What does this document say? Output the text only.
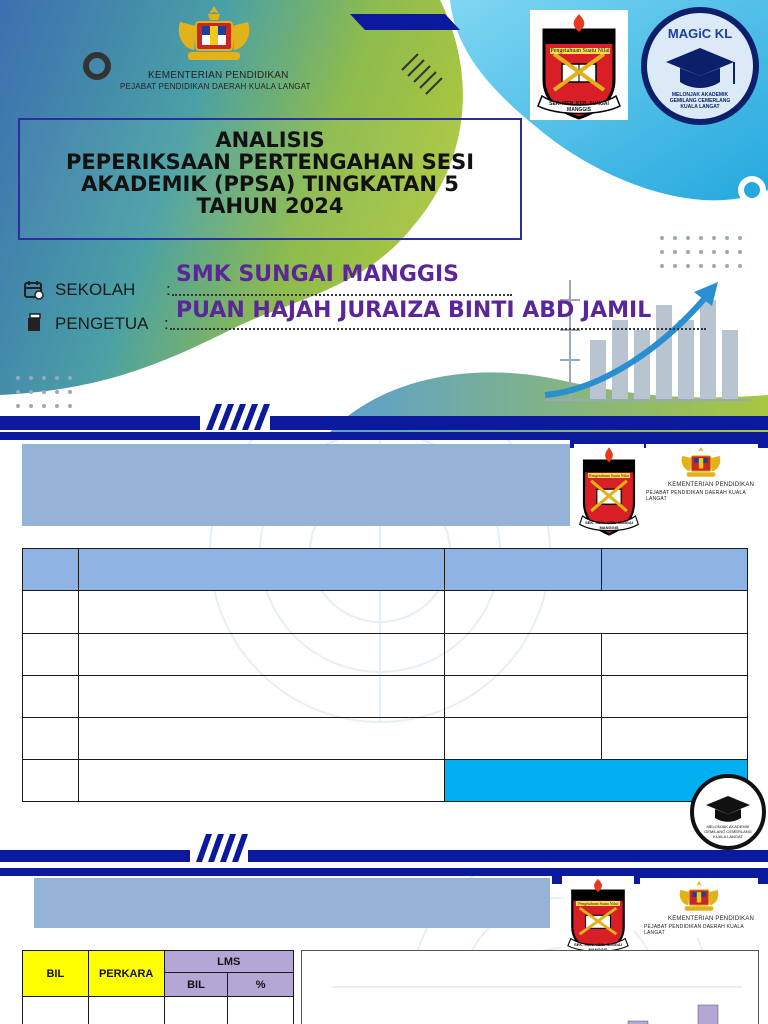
KEMENTERIAN PENDIDIKAN
PEJABAT PENDIDIKAN DAERAH KUALA LANGAT
Pengetahuan Suatu Nilai
SEK. MEN. KEB. SUNGAI MANGGIS
MAGiC KL
MELONJAK AKADEMIK GEMILANG CEMERLANG KUALA LANGAT
ANALISIS
PEPERIKSAAN PERTENGAHAN SESI
AKADEMIK (PPSA) TINGKATAN 5
TAHUN 2024
SEKOLAH :
SMK SUNGAI MANGGIS
PENGETUA :
PUAN HAJAH JURAIZA BINTI ABD JAMIL
Pengetahuan Suatu Nilai
SEK. MEN. KEB. SUNGAI MANGGIS
KEMENTERIAN PENDIDIKAN
PEJABAT PENDIDIKAN DAERAH KUALA LANGAT

MELONJAK AKADEMIK GEMILANG CEMERLANG KUALA LANGAT
Pengetahuan Suatu Nilai
SEK. MEN. KEB. SUNGAI
KEMENTERIAN PENDIDIKAN
PEJABAT PENDIDIKAN DAERAH KUALA LANGAT
BIL	PERKARA	LMS	
		BIL	%
